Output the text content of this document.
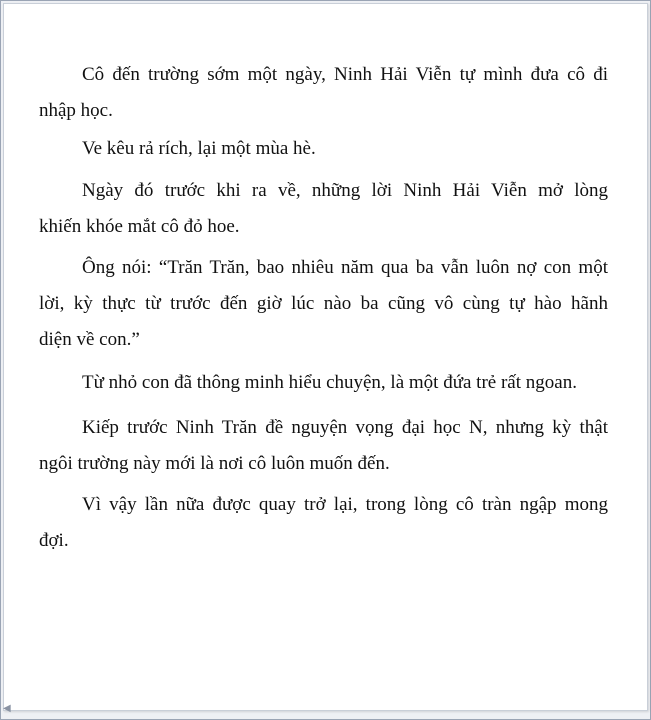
Cô đến trường sớm một ngày, Ninh Hải Viễn tự mình đưa cô đi
nhập học.
Ve kêu rả rích, lại một mùa hè.
Ngày đó trước khi ra về, những lời Ninh Hải Viễn mở lòng
khiến khóe mắt cô đỏ hoe.
Ông nói: “Trăn Trăn, bao nhiêu năm qua ba vẫn luôn nợ con một
lời, kỳ thực từ trước đến giờ lúc nào ba cũng vô cùng tự hào hãnh
diện về con.”
Từ nhỏ con đã thông minh hiểu chuyện, là một đứa trẻ rất ngoan.
Kiếp trước Ninh Trăn đề nguyện vọng đại học N, nhưng kỳ thật
ngôi trường này mới là nơi cô luôn muốn đến.
Vì vậy lần nữa được quay trở lại, trong lòng cô tràn ngập mong
đợi.
◀
